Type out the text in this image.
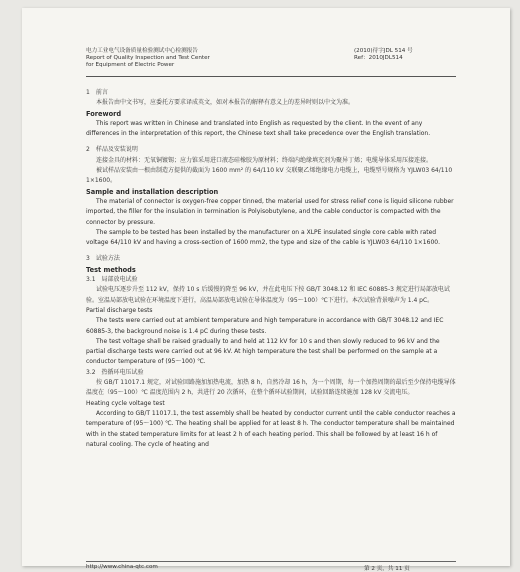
电力工业电气设备质量检验测试中心检测报告
Report of Quality Inspection and Test Center
for Equipment of Electric Power
(2010)待字JDL 514 号
Ref：2010JDL514

1　前言

本报告由中文书写，应委托方要求译成英文，如对本报告的解释有意义上的差异时则以中文为准。

Foreword

This report was written in Chinese and translated into English as requested by the client. In the event of any differences in the interpretation of this report, the Chinese text shall take precedence over the English translation.

2　样品及安装说明

连接金具的材料：无氧铜镀锡；应力锥采用进口液态硅橡胶为原材料；终端内绝缘填充剂为聚异丁烯；电缆导体采用压接连接。

被试样品安装由一根由制造方提供的截面为 1600 mm² 的 64/110 kV 交联聚乙烯绝缘电力电缆上，电缆型号规格为 YJLW03 64/110 1×1600。

Sample and installation description

The material of connector is oxygen-free copper tinned, the material used for stress relief cone is liquid silicone rubber imported, the filler for the insulation in termination is Polyisobutylene, and the cable conductor is compacted with the connector by pressure.

The sample to be tested has been installed by the manufacturer on a XLPE insulated single core cable with rated voltage 64/110 kV and having a cross-section of 1600 mm2, the type and size of the cable is YJLW03 64/110 1×1600.

3　试验方法

Test methods

3.1　局部放电试验

试验电压逐步升至 112 kV，保持 10 s 后缓慢的降至 96 kV，并在此电压下按 GB/T 3048.12 和 IEC 60885-3 规定进行局部放电试验。室温局部放电试验在环境温度下进行，高温局部放电试验在导体温度为（95～100）℃下进行。本次试验背景噪声为 1.4 pC。

Partial discharge tests

The tests were carried out at ambient temperature and high temperature in accordance with GB/T 3048.12 and IEC 60885-3, the background noise is 1.4 pC during these tests.

The test voltage shall be raised gradually to and held at 112 kV for 10 s and then slowly reduced to 96 kV and the partial discharge tests were carried out at 96 kV. At high temperature the test shall be performed on the sample at a conductor temperature of (95～100) ℃.

3.2　热循环电压试验

按 GB/T 11017.1 规定，对试验回路施加加热电流，加热 8 h，自然冷却 16 h，为一个周期，每一个加热周期的最后至少保持电缆导体温度在（95～100）℃ 温度范围内 2 h，共进行 20 次循环，在整个循环试验期间，试验回路连续施加 128 kV 交流电压。

Heating cycle voltage test

According to GB/T 11017.1, the test assembly shall be heated by conductor current until the cable conductor reaches a temperature of (95～100) ℃. The heating shall be applied for at least 8 h. The conductor temperature shall be maintained with in the stated temperature limits for at least 2 h of each heating period. This shall be followed by at least 16 h of natural cooling. The cycle of heating and

http://www.china-qtc.com	第 2 页，共 11 页
